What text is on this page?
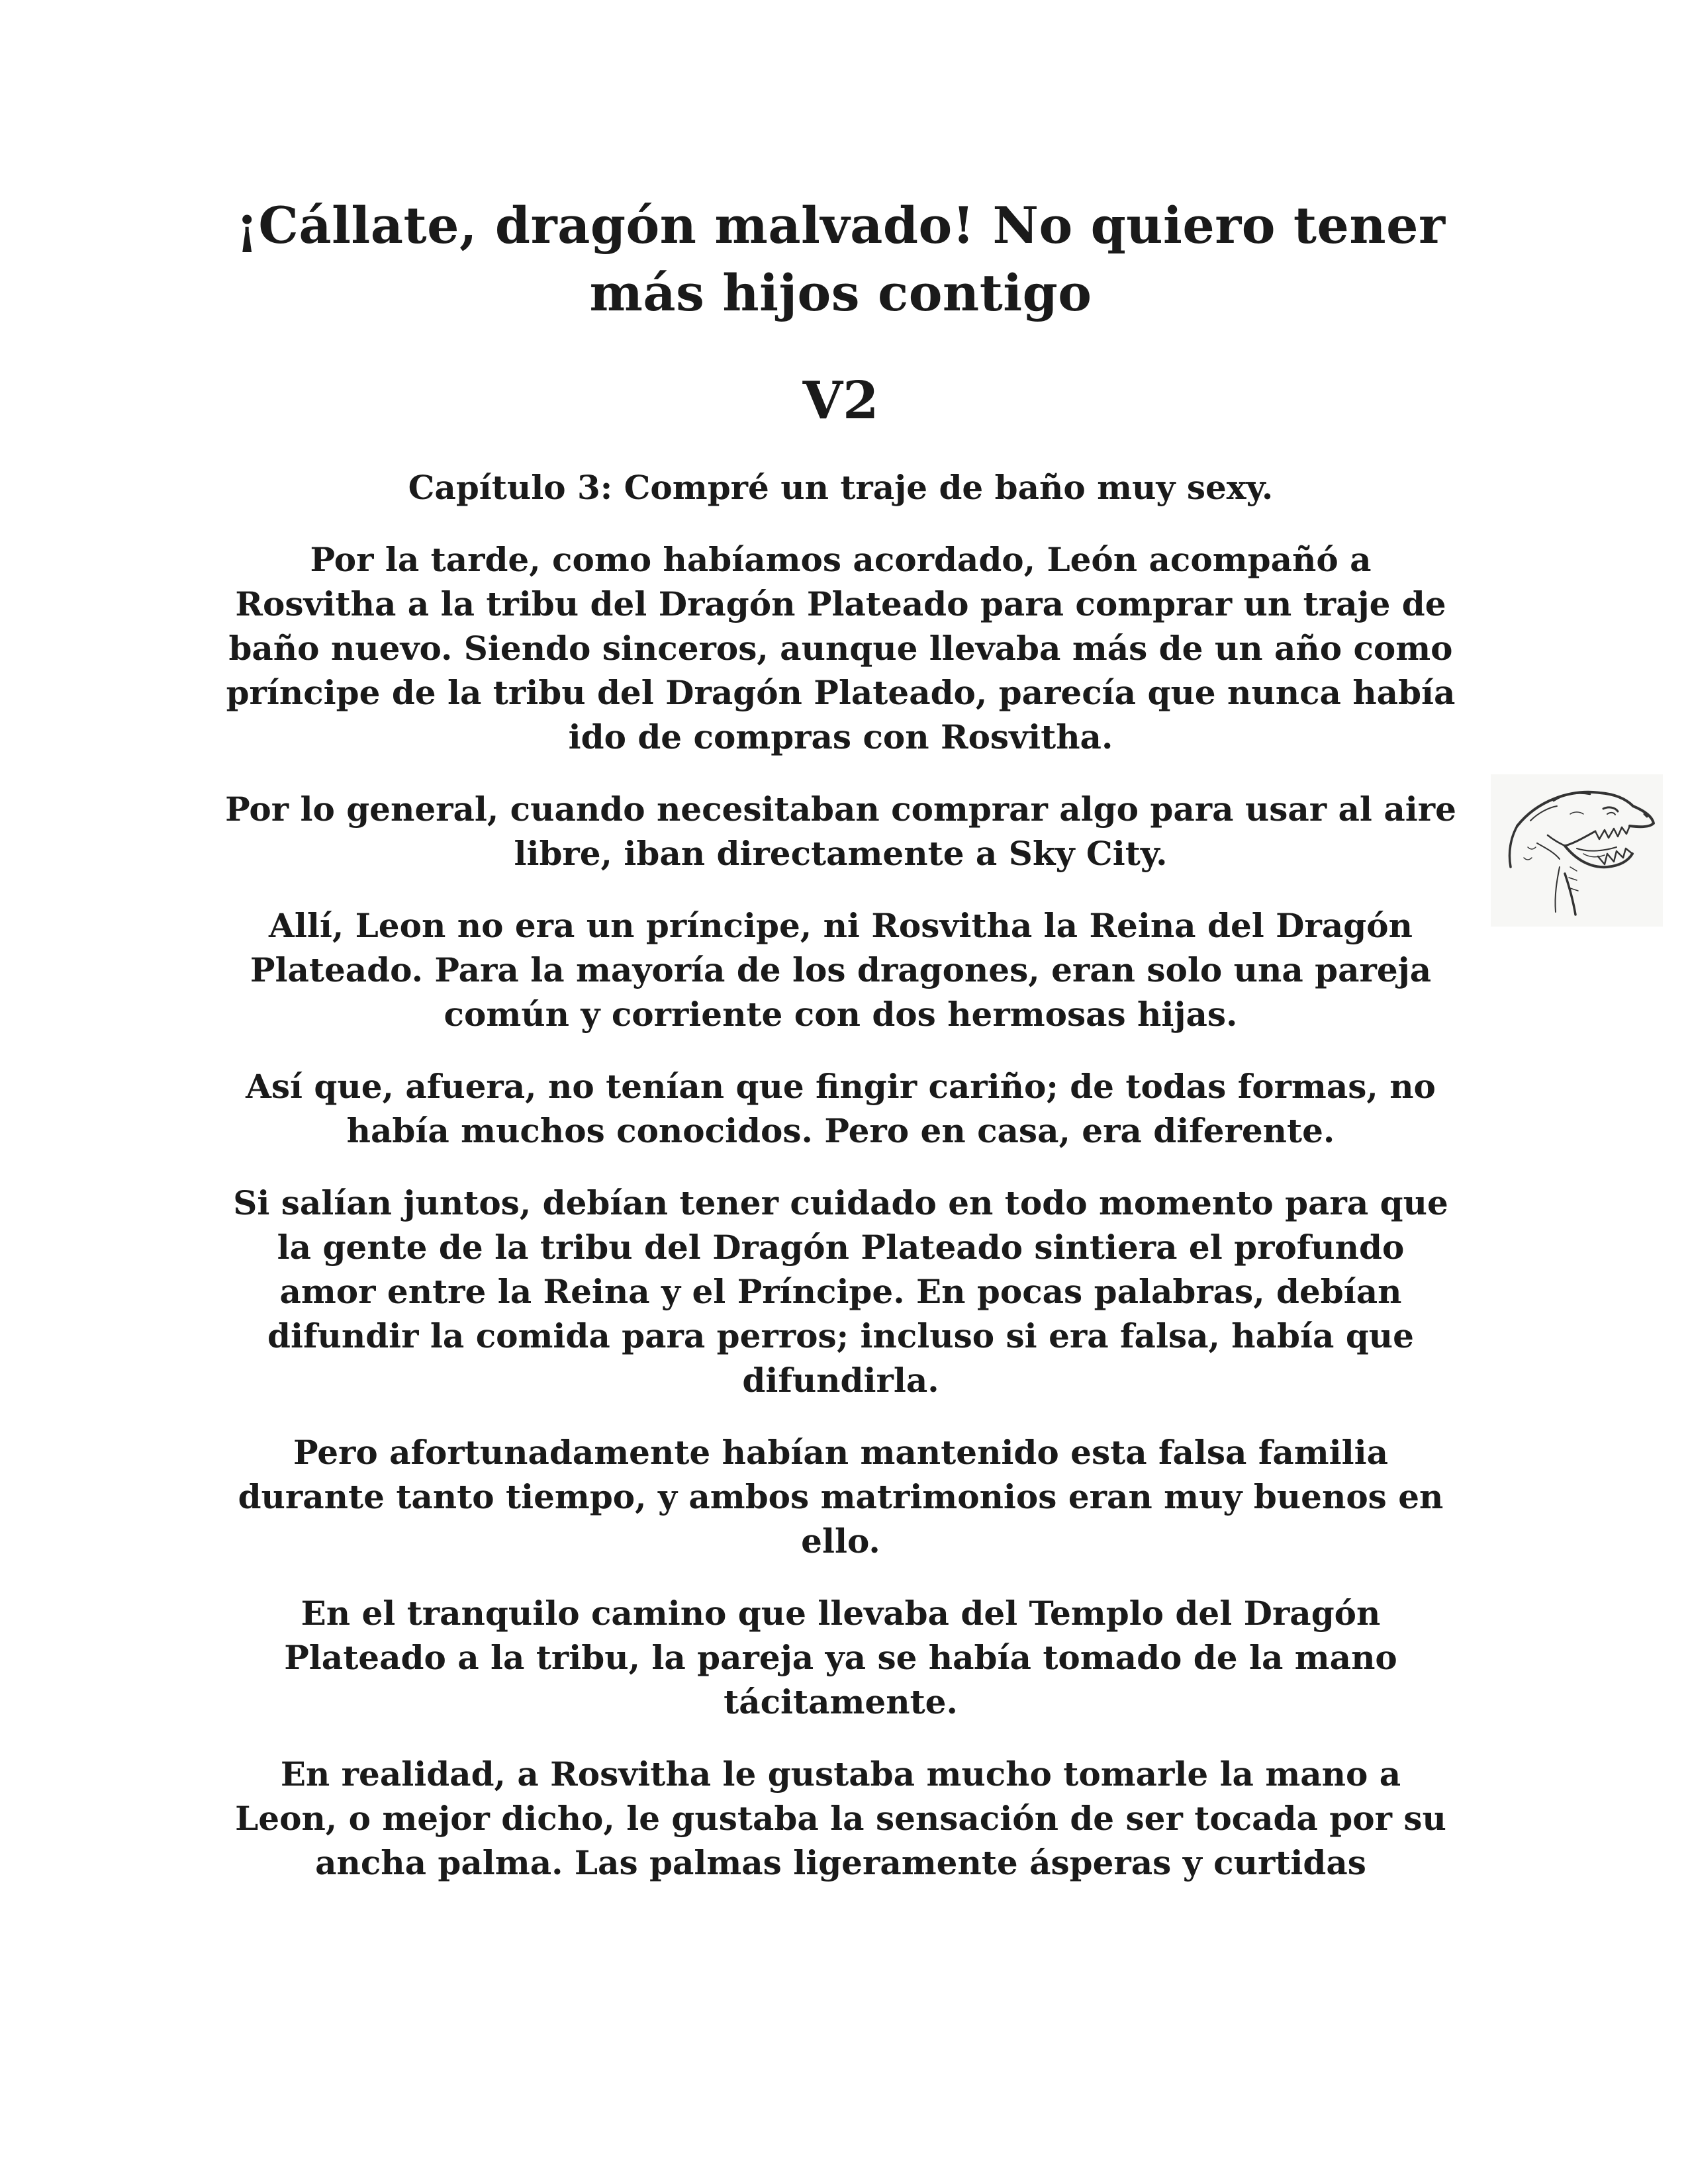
¡Cállate, dragón malvado! No quiero tener
más hijos contigo
V2
Capítulo 3: Compré un traje de baño muy sexy.

Por la tarde, como habíamos acordado, León acompañó a Rosvitha a la tribu del Dragón Plateado para comprar un traje de baño nuevo. Siendo sinceros, aunque llevaba más de un año como príncipe de la tribu del Dragón Plateado, parecía que nunca había ido de compras con Rosvitha.

Por lo general, cuando necesitaban comprar algo para usar al aire libre, iban directamente a Sky City.

Allí, Leon no era un príncipe, ni Rosvitha la Reina del Dragón Plateado. Para la mayoría de los dragones, eran solo una pareja común y corriente con dos hermosas hijas.

Así que, afuera, no tenían que fingir cariño; de todas formas, no había muchos conocidos. Pero en casa, era diferente.

Si salían juntos, debían tener cuidado en todo momento para que la gente de la tribu del Dragón Plateado sintiera el profundo amor entre la Reina y el Príncipe. En pocas palabras, debían difundir la comida para perros; incluso si era falsa, había que difundirla.

Pero afortunadamente habían mantenido esta falsa familia durante tanto tiempo, y ambos matrimonios eran muy buenos en ello.

En el tranquilo camino que llevaba del Templo del Dragón Plateado a la tribu, la pareja ya se había tomado de la mano tácitamente.

En realidad, a Rosvitha le gustaba mucho tomarle la mano a Leon, o mejor dicho, le gustaba la sensación de ser tocada por su ancha palma. Las palmas ligeramente ásperas y curtidas
